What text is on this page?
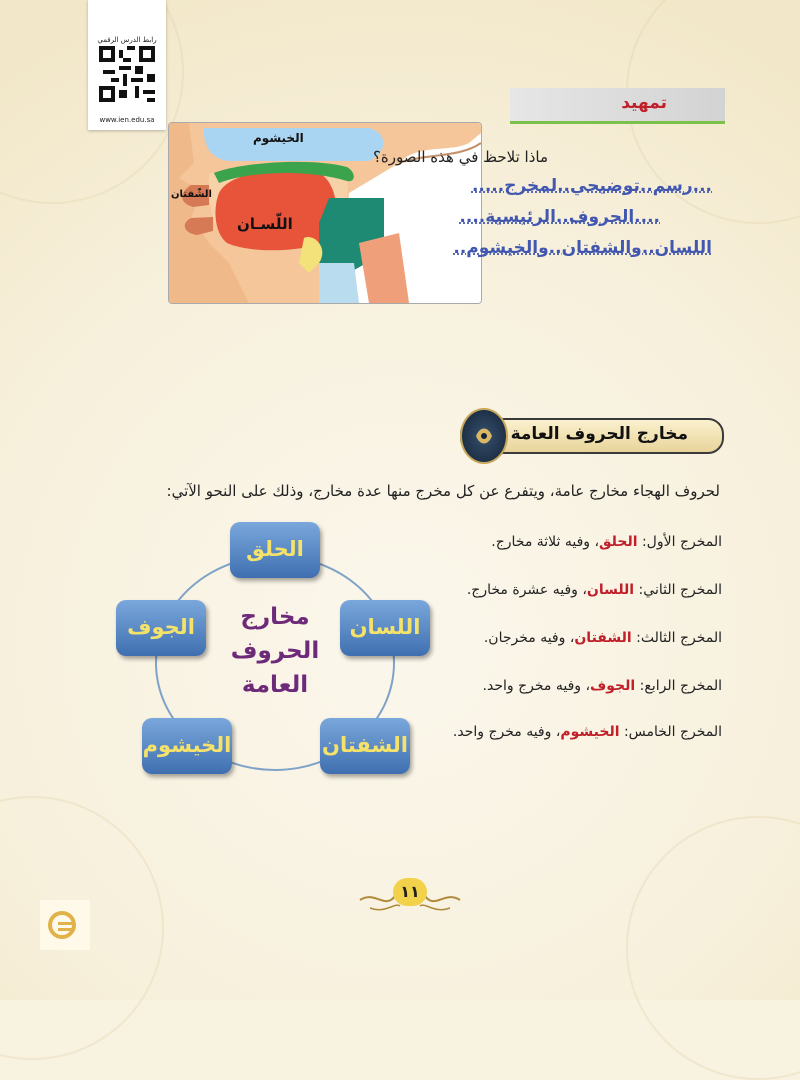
رابط الدرس الرقمي
www.ien.edu.sa
تمهيد
الخيشوم
الشّفتان
اللّسـان
ماذا تلاحظ في هذه الصورة؟
...رسم..توضيحي..لمخرج.....
....الحروف..الرئيسية....
اللسان..والشفتان..والخيشوم..
مخارج الحروف العامة
لحروف الهجاء مخارج عامة، ويتفرع عن كل مخرج منها عدة مخارج، وذلك على النحو الآتي:
المخرج الأول: الحلق، وفيه ثلاثة مخارج.
المخرج الثاني: اللسان، وفيه عشرة مخارج.
المخرج الثالث: الشفتان، وفيه مخرجان.
المخرج الرابع: الجوف، وفيه مخرج واحد.
المخرج الخامس: الخيشوم، وفيه مخرج واحد.
مخارج
الحروف
العامة
الحلق
اللسان
الشفتان
الخيشوم
الجوف
١١
